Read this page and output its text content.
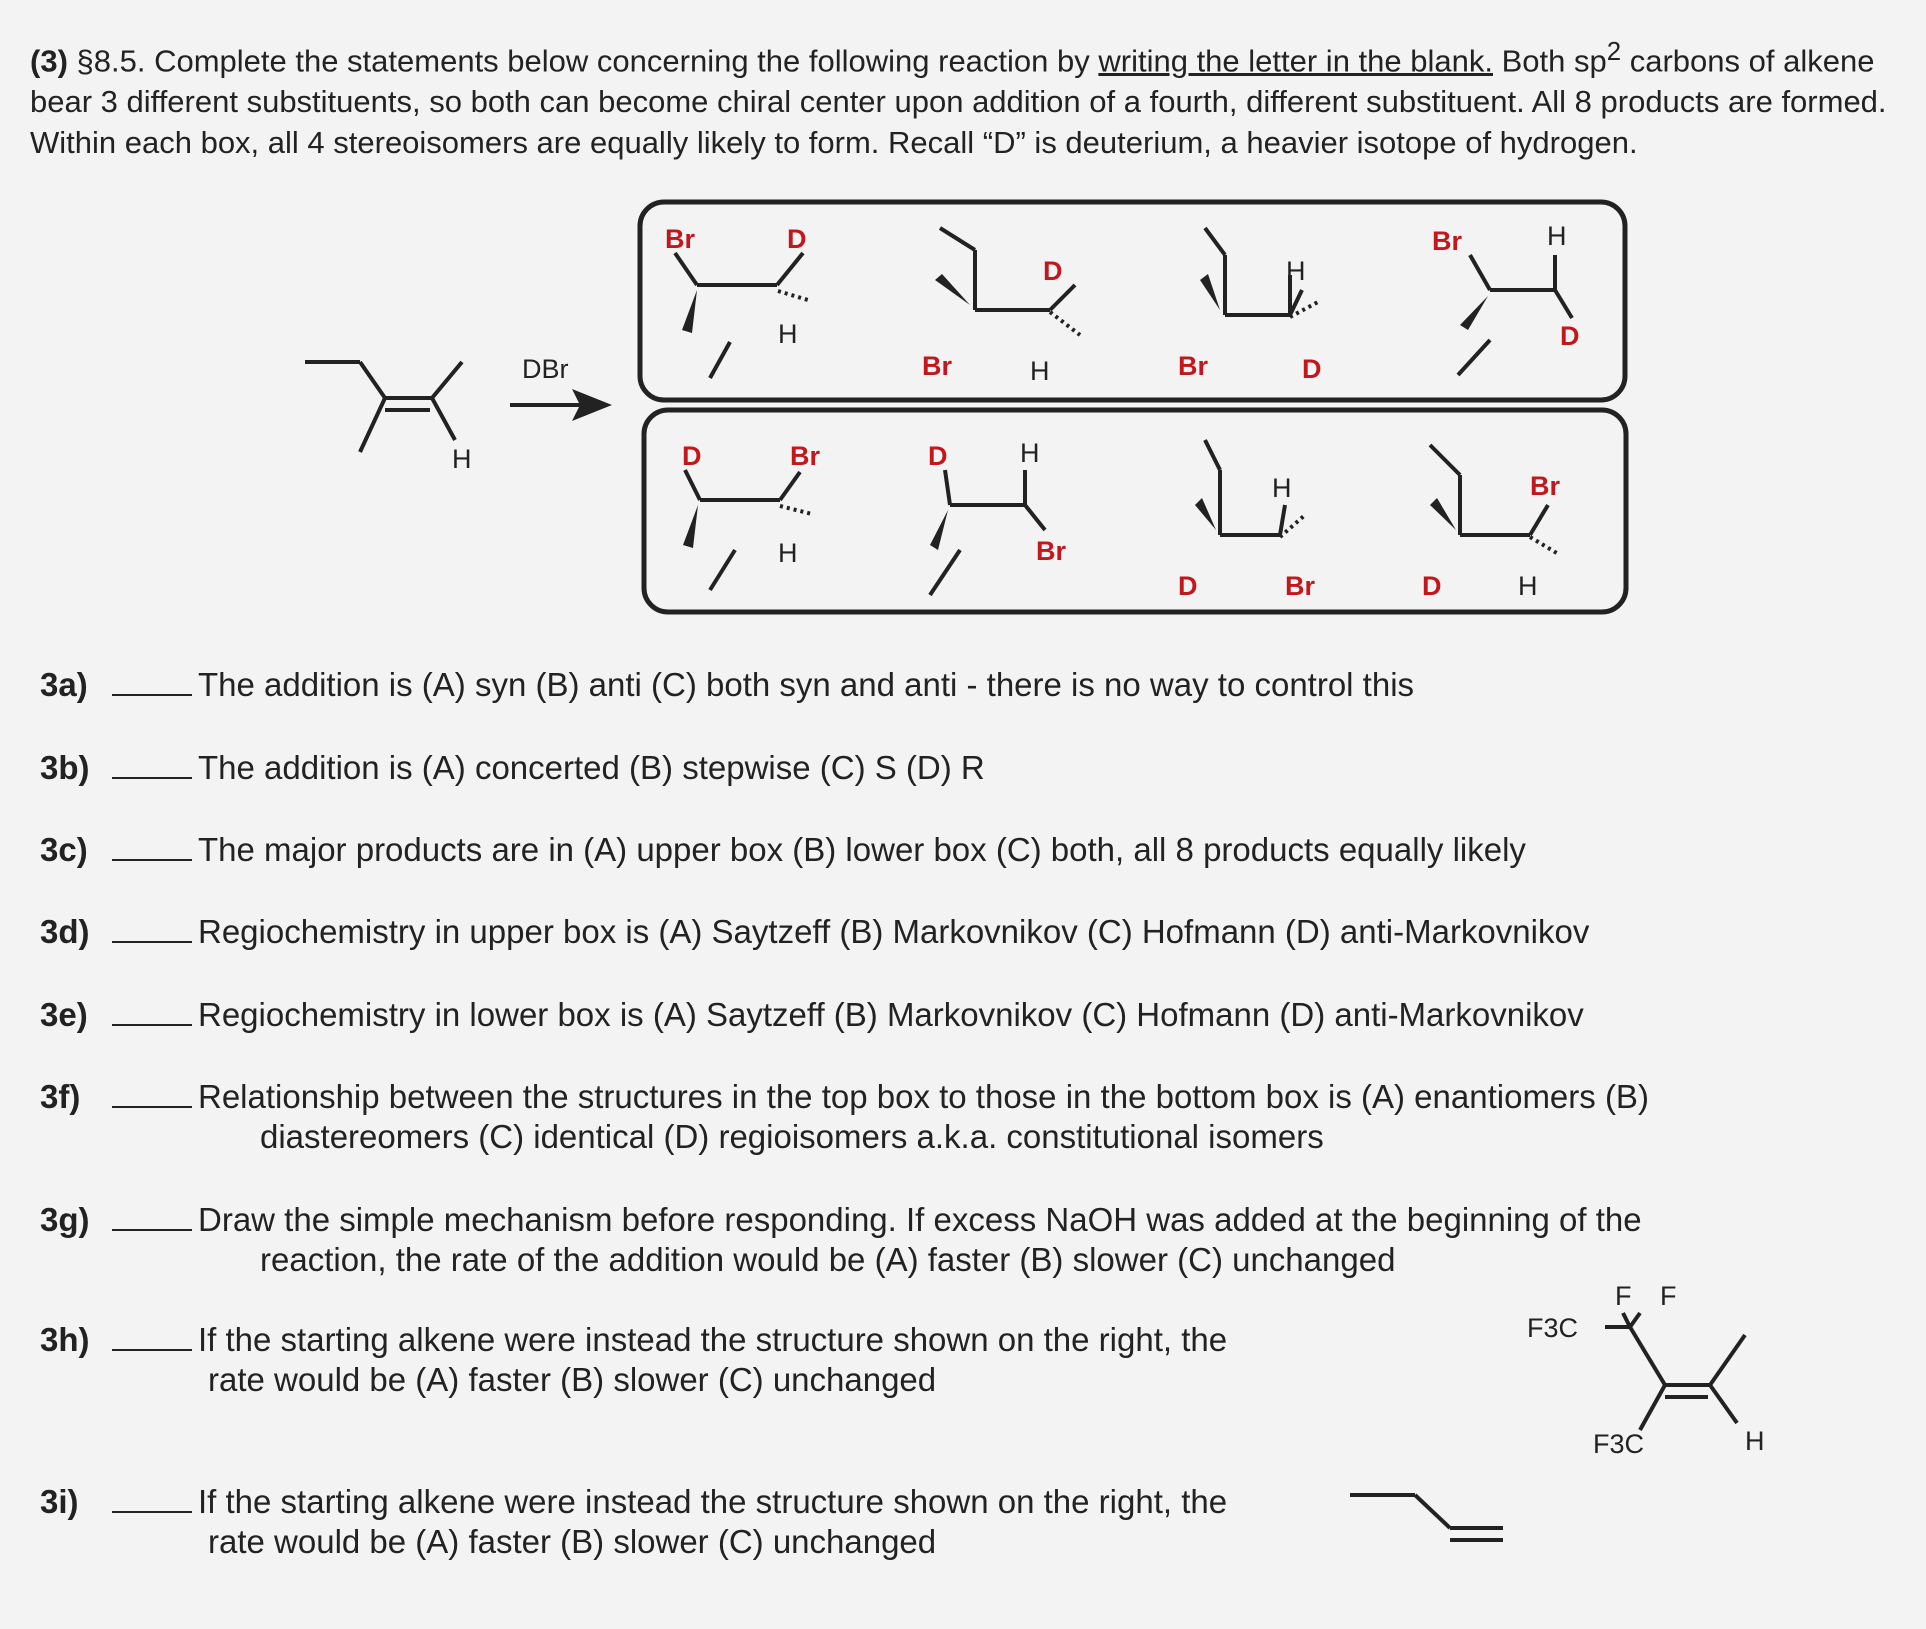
(3) §8.5. Complete the statements below concerning the following reaction by writing the letter in the blank. Both $sp^2$ carbons of alkene bear 3 different substituents, so both can become chiral center upon addition of a fourth, different substituent. All 8 products are formed. Within each box, all 4 stereoisomers are equally likely to form. Recall “D” is deuterium, a heavier isotope of hydrogen.
H
DBr
Br	D
H
D
Br	H
H
Br	D
Br	H
D
D	Br
H
D	H
Br
H
D	Br
Br
D	H
3a)	The addition is (A) syn (B) anti (C) both syn and anti - there is no way to control this
3b)	The addition is (A) concerted (B) stepwise (C) S (D) R
3c)	The major products are in (A) upper box (B) lower box (C) both, all 8 products equally likely
3d)	Regiochemistry in upper box is (A) Saytzeff (B) Markovnikov (C) Hofmann (D) anti-Markovnikov
3e)	Regiochemistry in lower box is (A) Saytzeff (B) Markovnikov (C) Hofmann (D) anti-Markovnikov
3f)	Relationship between the structures in the top box to those in the bottom box is (A) enantiomers (B)
diastereomers (C) identical (D) regioisomers a.k.a. constitutional isomers
3g)	Draw the simple mechanism before responding. If excess NaOH was added at the beginning of the
reaction, the rate of the addition would be (A) faster (B) slower (C) unchanged
3h)	If the starting alkene were instead the structure shown on the right, the
rate would be (A) faster (B) slower (C) unchanged
3i)	If the starting alkene were instead the structure shown on the right, the
rate would be (A) faster (B) slower (C) unchanged
F F
F3C
F3C	H
